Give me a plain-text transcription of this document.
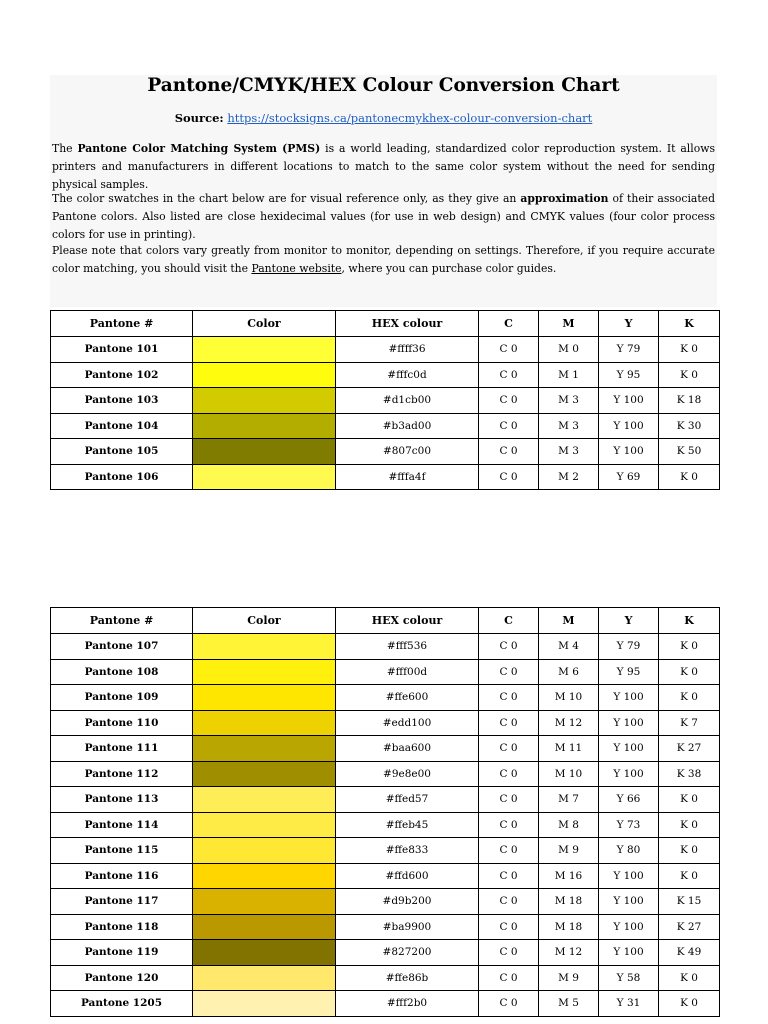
Pantone/CMYK/HEX Colour Conversion Chart
Source: https://stocksigns.ca/pantonecmykhex-colour-conversion-chart
The Pantone Color Matching System (PMS) is a world leading, standardized color reproduction system. It allows printers and manufacturers in different locations to match to the same color system without the need for sending physical samples.
The color swatches in the chart below are for visual reference only, as they give an approximation of their associated Pantone colors. Also listed are close hexidecimal values (for use in web design) and CMYK values (four color process colors for use in printing).
Please note that colors vary greatly from monitor to monitor, depending on settings. Therefore, if you require accurate color matching, you should visit the Pantone website, where you can purchase color guides.
Pantone #	Color	HEX colour	C	M	Y	K
Pantone 101		#ffff36	C 0	M 0	Y 79	K 0
Pantone 102		#fffc0d	C 0	M 1	Y 95	K 0
Pantone 103		#d1cb00	C 0	M 3	Y 100	K 18
Pantone 104		#b3ad00	C 0	M 3	Y 100	K 30
Pantone 105		#807c00	C 0	M 3	Y 100	K 50
Pantone 106		#fffa4f	C 0	M 2	Y 69	K 0
Pantone #	Color	HEX colour	C	M	Y	K
Pantone 107		#fff536	C 0	M 4	Y 79	K 0
Pantone 108		#fff00d	C 0	M 6	Y 95	K 0
Pantone 109		#ffe600	C 0	M 10	Y 100	K 0
Pantone 110		#edd100	C 0	M 12	Y 100	K 7
Pantone 111		#baa600	C 0	M 11	Y 100	K 27
Pantone 112		#9e8e00	C 0	M 10	Y 100	K 38
Pantone 113		#ffed57	C 0	M 7	Y 66	K 0
Pantone 114		#ffeb45	C 0	M 8	Y 73	K 0
Pantone 115		#ffe833	C 0	M 9	Y 80	K 0
Pantone 116		#ffd600	C 0	M 16	Y 100	K 0
Pantone 117		#d9b200	C 0	M 18	Y 100	K 15
Pantone 118		#ba9900	C 0	M 18	Y 100	K 27
Pantone 119		#827200	C 0	M 12	Y 100	K 49
Pantone 120		#ffe86b	C 0	M 9	Y 58	K 0
Pantone 1205		#fff2b0	C 0	M 5	Y 31	K 0
